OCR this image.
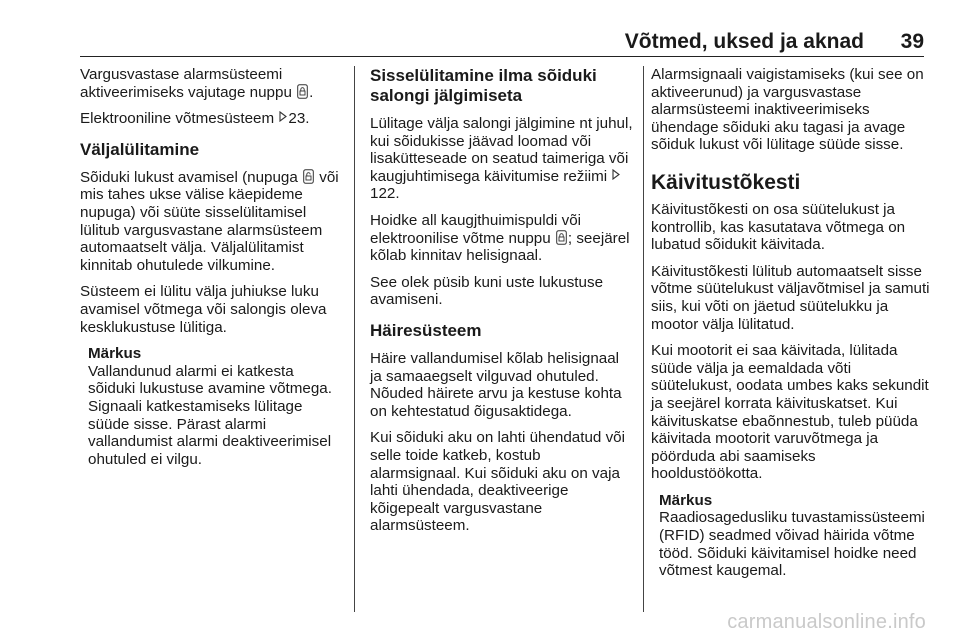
Võtmed, uksed ja aknad 39

Vargusvastase alarmsüsteemi aktiveerimiseks vajutage nuppu
.

Elektrooniline võtmesüsteem
23.

Väljalülitamine

Sõiduki lukust avamisel (nupuga
või mis tahes ukse välise käepideme nupuga) või süüte sisselülitamisel lülitub vargusvastane alarmsüsteem automaatselt välja. Väljalülitamist kinnitab ohutulede vilkumine.

Süsteem ei lülitu välja juhiukse luku avamisel võtmega või salongis oleva kesklukustuse lülitiga.

Märkus
Vallandunud alarmi ei katkesta sõiduki lukustuse avamine võtmega. Signaali katkestamiseks lülitage süüde sisse. Pärast alarmi vallandumist alarmi deaktiveerimisel ohutuled ei vilgu.
Sisselülitamine ilma sõiduki salongi jälgimiseta

Lülitage välja salongi jälgimine nt juhul, kui sõidukisse jäävad loomad või lisakütteseade on seatud taimeriga või kaugjuhtimisega käivitumise režiimi
122.

Hoidke all kaugjthuimispuldi või elektroonilise võtme nuppu
; seejärel kõlab kinnitav helisignaal.

See olek püsib kuni uste lukustuse avamiseni.

Häiresüsteem

Häire vallandumisel kõlab helisignaal ja samaaegselt vilguvad ohutuled. Nõuded häirete arvu ja kestuse kohta on kehtestatud õigusaktidega.

Kui sõiduki aku on lahti ühendatud või selle toide katkeb, kostub alarmsignaal. Kui sõiduki aku on vaja lahti ühendada, deaktiveerige kõigepealt vargusvastane alarmsüsteem.

Alarmsignaali vaigistamiseks (kui see on aktiveerunud) ja vargusvastase alarmsüsteemi inaktiveerimiseks ühendage sõiduki aku tagasi ja avage sõiduk lukust või lülitage süüde sisse.

Käivitustõkesti

Käivitustõkesti on osa süütelukust ja kontrollib, kas kasutatava võtmega on lubatud sõidukit käivitada.

Käivitustõkesti lülitub automaatselt sisse võtme süütelukust väljavõtmisel ja samuti siis, kui võti on jäetud süütelukku ja mootor välja lülitatud.

Kui mootorit ei saa käivitada, lülitada süüde välja ja eemaldada võti süütelukust, oodata umbes kaks sekundit ja seejärel korrata käivituskatset. Kui käivituskatse ebaõnnestub, tuleb püüda käivitada mootorit varuvõtmega ja pöörduda abi saamiseks hooldustöökotta.

Märkus
Raadiosagedusliku tuvastamissüsteemi (RFID) seadmed võivad häirida võtme tööd. Sõiduki käivitamisel hoidke need võtmest kaugemal.
carmanualsonline.info
